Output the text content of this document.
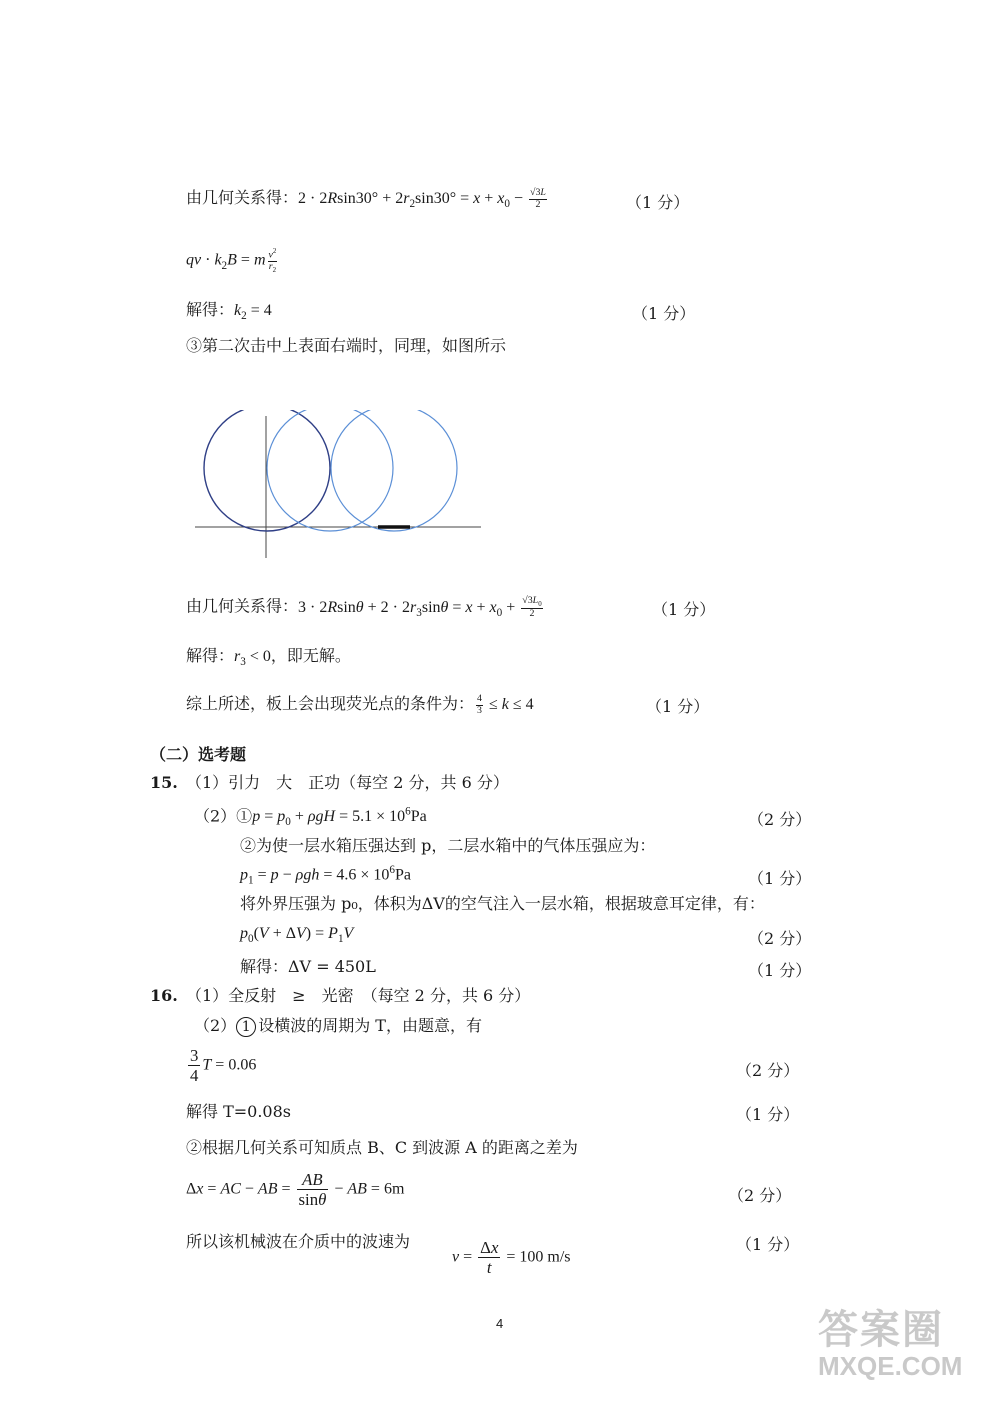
由几何关系得：$2 \cdot 2Rsin30^\circ + 2r_2\sin 30^\circ = x + x_0 - \frac{√3L}{2}$	（1 分）
qv · $k_2B = m \frac{v^2}{r_2}$
解得：$k_2 = 4$	（1 分）
③第二次击中上表面右端时，同理，如图所示
由几何关系得：$3 \cdot 2Rsin\theta + 2 \cdot 2r_3\sin\theta = x + x_0 + \frac{√3L_0}{2}$	（1 分）
解得：$r_3 < 0$，即无解。
综上所述，板上会出现荧光点的条件为： $\frac{4}{3} \le k \le 4$	（1 分）
（二）选考题
15. （1）引力　大　正功（每空 2 分，共 6 分）
（2）①p = $p_0 + \rho gH = 5.1 \times 10^6Pa$	（2 分）
②为使一层水箱压强达到 p，二层水箱中的气体压强应为：
$p_1 = p - \rho gh = 4.6 \times 10^6Pa$	（1 分）
将外界压强为 p₀，体积为ΔV的空气注入一层水箱，根据玻意耳定律，有：
$p_0(V + \Delta V) = P_1V$	（2 分）
解得：ΔV = 450L	（1 分）
16. （1）全反射　≥　光密　（每空 2 分，共 6 分）
（2） 1 设横波的周期为 T，由题意，有
$\frac{3}{4}$ T = 0.06	（2 分）
解得 T=0.08s	（1 分）
②根据几何关系可知质点 B、C 到波源 A 的距离之差为
Δx = AC − AB = $\frac{AB}{\sin\theta}$ − AB = 6m	（2 分）
所以该机械波在介质中的波速为	（1 分）
$v = \frac{\Delta x}{t} = 100$ m/s
4	答案圈
MXQE.COM
